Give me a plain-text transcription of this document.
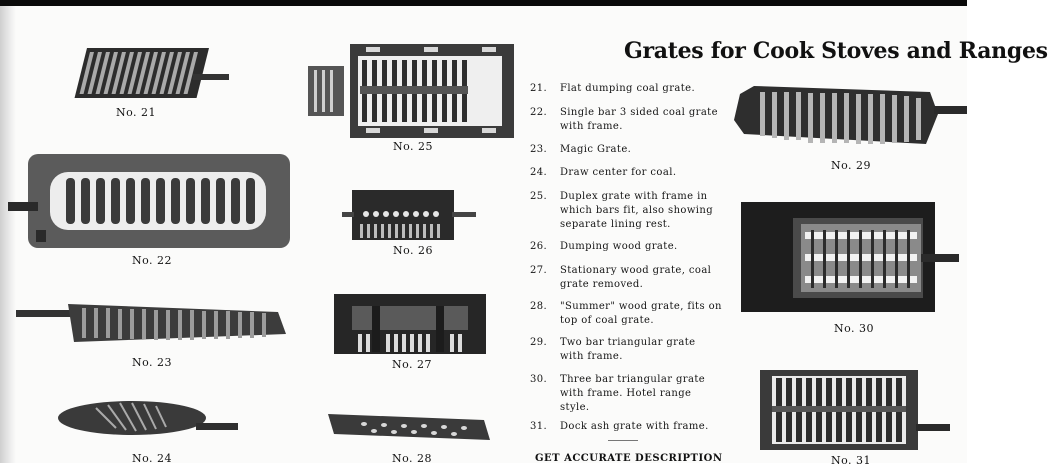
Grates for Cook Stoves and Ranges
No. 21
No. 22
No. 23
No. 24
No. 25
No. 26
No. 27
No. 28
21. Flat dumping coal grate.
22. Single bar 3 sided coal grate with frame.
23. Magic Grate.
24. Draw center for coal.
25. Duplex grate with frame in which bars fit, also showing separate lining rest.
26. Dumping wood grate.
27. Stationary wood grate, coal grate removed.
28. "Summer" wood grate, fits on top of coal grate.
29. Two bar triangular grate with frame.
30. Three bar triangular grate with frame. Hotel range style.
31. Dock ash grate with frame.
GET ACCURATE DESCRIPTION
No. 29
No. 30
No. 31
